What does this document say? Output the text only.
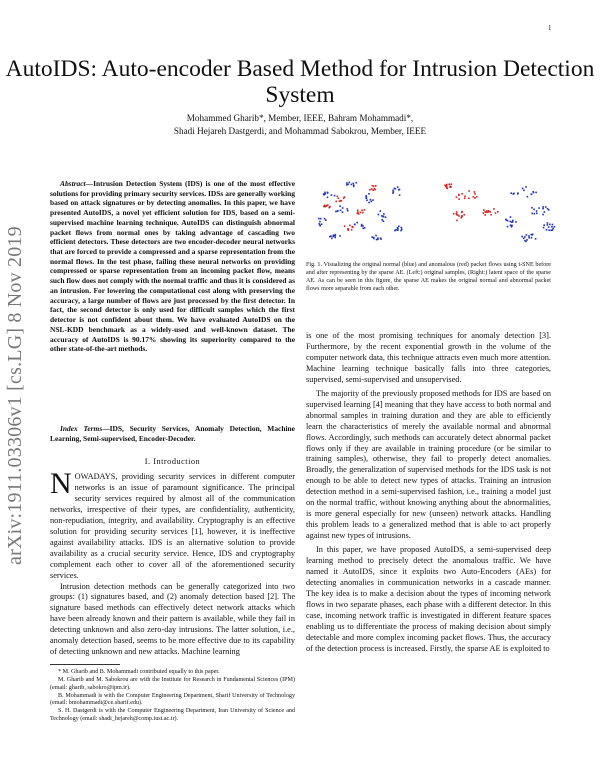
1
arXiv:1911.03306v1 [cs.LG] 8 Nov 2019
AutoIDS: Auto-encoder Based Method for Intrusion Detection System
Mohammed Gharib*, Member, IEEE, Bahram Mohammadi*,
Shadi Hejareh Dastgerdi, and Mohammad Sabokrou, Member, IEEE
Abstract—Intrusion Detection System (IDS) is one of the most effective solutions for providing primary security services. IDSs are generally working based on attack signatures or by detecting anomalies. In this paper, we have presented AutoIDS, a novel yet efficient solution for IDS, based on a semi-supervised machine learning technique. AutoIDS can distinguish abnormal packet flows from normal ones by taking advantage of cascading two efficient detectors. These detectors are two encoder-decoder neural networks that are forced to provide a compressed and a sparse representation from the normal flows. In the test phase, failing these neural networks on providing compressed or sparse representation from an incoming packet flow, means such flow does not comply with the normal traffic and thus it is considered as an intrusion. For lowering the computational cost along with preserving the accuracy, a large number of flows are just processed by the first detector. In fact, the second detector is only used for difficult samples which the first detector is not confident about them. We have evaluated AutoIDS on the NSL-KDD benchmark as a widely-used and well-known dataset. The accuracy of AutoIDS is 90.17% showing its superiority compared to the other state-of-the-art methods.
Index Terms—IDS, Security Services, Anomaly Detection, Machine Learning, Semi-supervised, Encoder-Decoder.
I. Introduction

NOWADAYS, providing security services in different computer networks is an issue of paramount significance. The principal security services required by almost all of the communication networks, irrespective of their types, are confidentiality, authenticity, non-repudiation, integrity, and availability. Cryptography is an effective solution for providing security services [1], however, it is ineffective against availability attacks. IDS is an alternative solution to provide availability as a crucial security service. Hence, IDS and cryptography complement each other to cover all of the aforementioned security services.

Intrusion detection methods can be generally categorized into two groups: (1) signatures based, and (2) anomaly detection based [2]. The signature based methods can effectively detect network attacks which have been already known and their pattern is available, while they fail in detecting unknown and also zero-day intrusions. The latter solution, i.e., anomaly detection based, seems to be more effective due to its capability of detecting unknown and new attacks. Machine learning

* M. Gharib and B. Mohammadi contributed equally to this paper.

M. Gharib and M. Sabokrou are with the Institute for Research in Fundamental Sciences (IPM) (email: gharib, sabokro@ipm.ir).

B. Mohammadi is with the Computer Engineering Department, Sharif University of Technology (email: bmohammadi@ce.sharif.edu).

S. H. Dastgerdi is with the Computer Engineering Department, Iran University of Science and Technology (email: shadi_hejareh@comp.iust.ac.ir).

Fig. 1. Visualizing the original normal (blue) and anomalous (red) packet flows using t-SNE before and after representing by the sparse AE. (Left:) original samples, (Right:) latent space of the sparse AE. As can be seen in this figure, the sparse AE makes the original normal and abnormal packet flows more separable from each other.

is one of the most promising techniques for anomaly detection [3]. Furthermore, by the recent exponential growth in the volume of the computer network data, this technique attracts even much more attention. Machine learning technique basically falls into three categories, supervised, semi-supervised and unsupervised.

The majority of the previously proposed methods for IDS are based on supervised learning [4] meaning that they have access to both normal and abnormal samples in training duration and they are able to efficiently learn the characteristics of merely the available normal and abnormal flows. Accordingly, such methods can accurately detect abnormal packet flows only if they are available in training procedure (or be similar to training samples), otherwise, they fail to properly detect anomalies. Broadly, the generalization of supervised methods for the IDS task is not enough to be able to detect new types of attacks. Training an intrusion detection method in a semi-supervised fashion, i.e., training a model just on the normal traffic, without knowing anything about the abnormalities, is more general especially for new (unseen) network attacks. Handling this problem leads to a generalized method that is able to act properly against new types of intrusions.

In this paper, we have proposed AutoIDS, a semi-supervised deep learning method to precisely detect the anomalous traffic. We have named it AutoIDS, since it exploits two Auto-Encoders (AEs) for detecting anomalies in communication networks in a cascade manner. The key idea is to make a decision about the types of incoming network flows in two separate phases, each phase with a different detector. In this case, incoming network traffic is investigated in different feature spaces enabling us to differentiate the process of making decision about simply detectable and more complex incoming packet flows. Thus, the accuracy of the detection process is increased. Firstly, the sparse AE is exploited to
